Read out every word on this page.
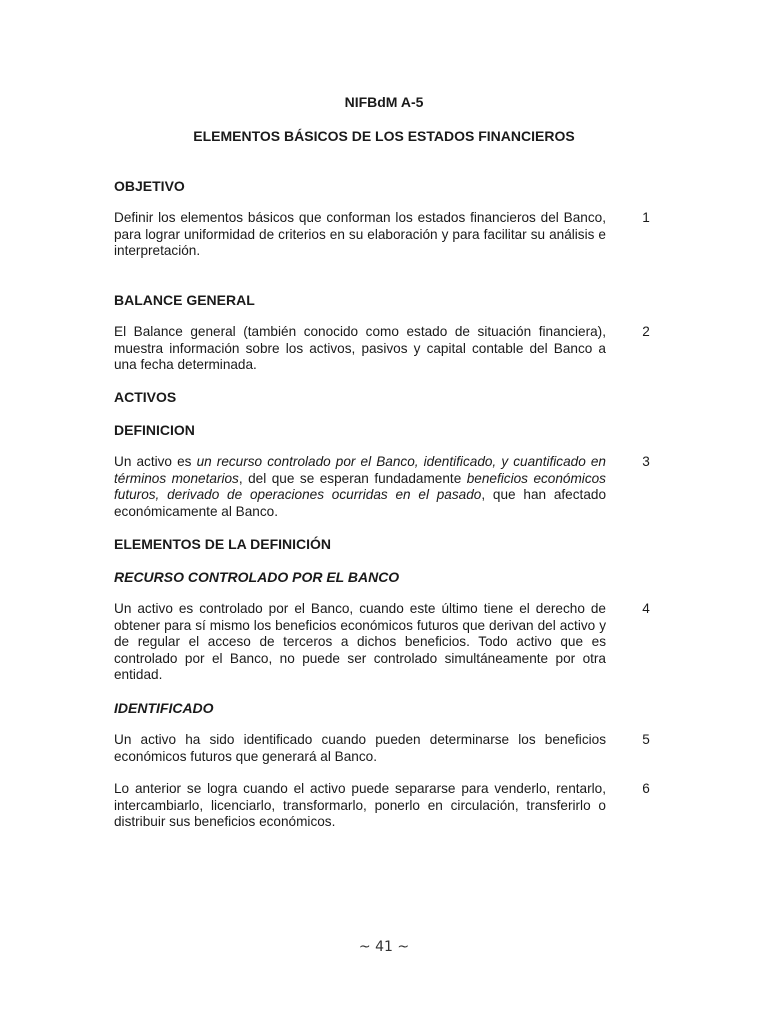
NIFBdM A-5
ELEMENTOS BÁSICOS DE LOS ESTADOS FINANCIEROS
OBJETIVO
Definir los elementos básicos que conforman los estados financieros del Banco, para lograr uniformidad de criterios en su elaboración y para facilitar su análisis e interpretación.
1
BALANCE GENERAL
El Balance general (también conocido como estado de situación financiera), muestra información sobre los activos, pasivos y capital contable del Banco a una fecha determinada.
2
ACTIVOS
DEFINICION
Un activo es un recurso controlado por el Banco, identificado, y cuantificado en términos monetarios, del que se esperan fundadamente beneficios económicos futuros, derivado de operaciones ocurridas en el pasado, que han afectado económicamente al Banco.
3
ELEMENTOS DE LA DEFINICIÓN
RECURSO CONTROLADO POR EL BANCO
Un activo es controlado por el Banco, cuando este último tiene el derecho de obtener para sí mismo los beneficios económicos futuros que derivan del activo y de regular el acceso de terceros a dichos beneficios. Todo activo que es controlado por el Banco, no puede ser controlado simultáneamente por otra entidad.
4
IDENTIFICADO
Un activo ha sido identificado cuando pueden determinarse los beneficios económicos futuros que generará al Banco.
5
Lo anterior se logra cuando el activo puede separarse para venderlo, rentarlo, intercambiarlo, licenciarlo, transformarlo, ponerlo en circulación, transferirlo o distribuir sus beneficios económicos.
6
~ 41 ~
